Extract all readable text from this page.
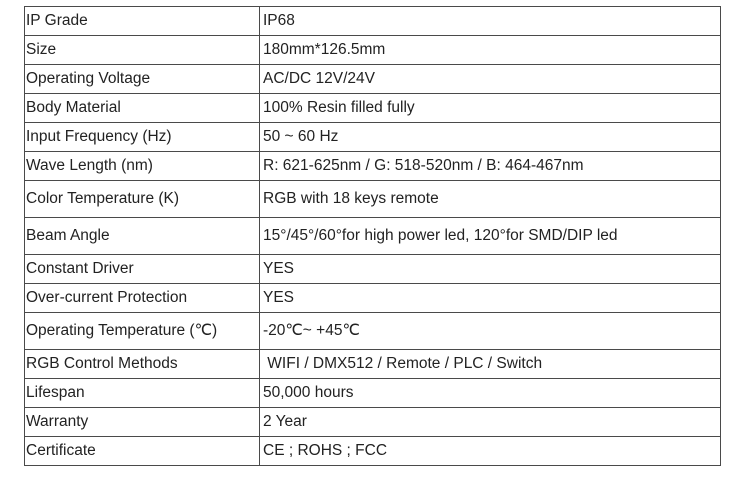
IP Grade	IP68
Size	180mm*126.5mm
Operating Voltage	AC/DC 12V/24V
Body Material	100% Resin filled fully
Input Frequency (Hz)	50 ~ 60 Hz
Wave Length (nm)	R: 621-625nm / G: 518-520nm / B: 464-467nm
Color Temperature (K)	RGB with 18 keys remote
Beam Angle	15°/45°/60°for high power led, 120°for SMD/DIP led
Constant Driver	YES
Over-current Protection	YES
Operating Temperature (℃)	-20℃~ +45℃
RGB Control Methods	WIFI / DMX512 / Remote / PLC / Switch
Lifespan	50,000 hours
Warranty	2 Year
Certificate	CE ; ROHS ; FCC
